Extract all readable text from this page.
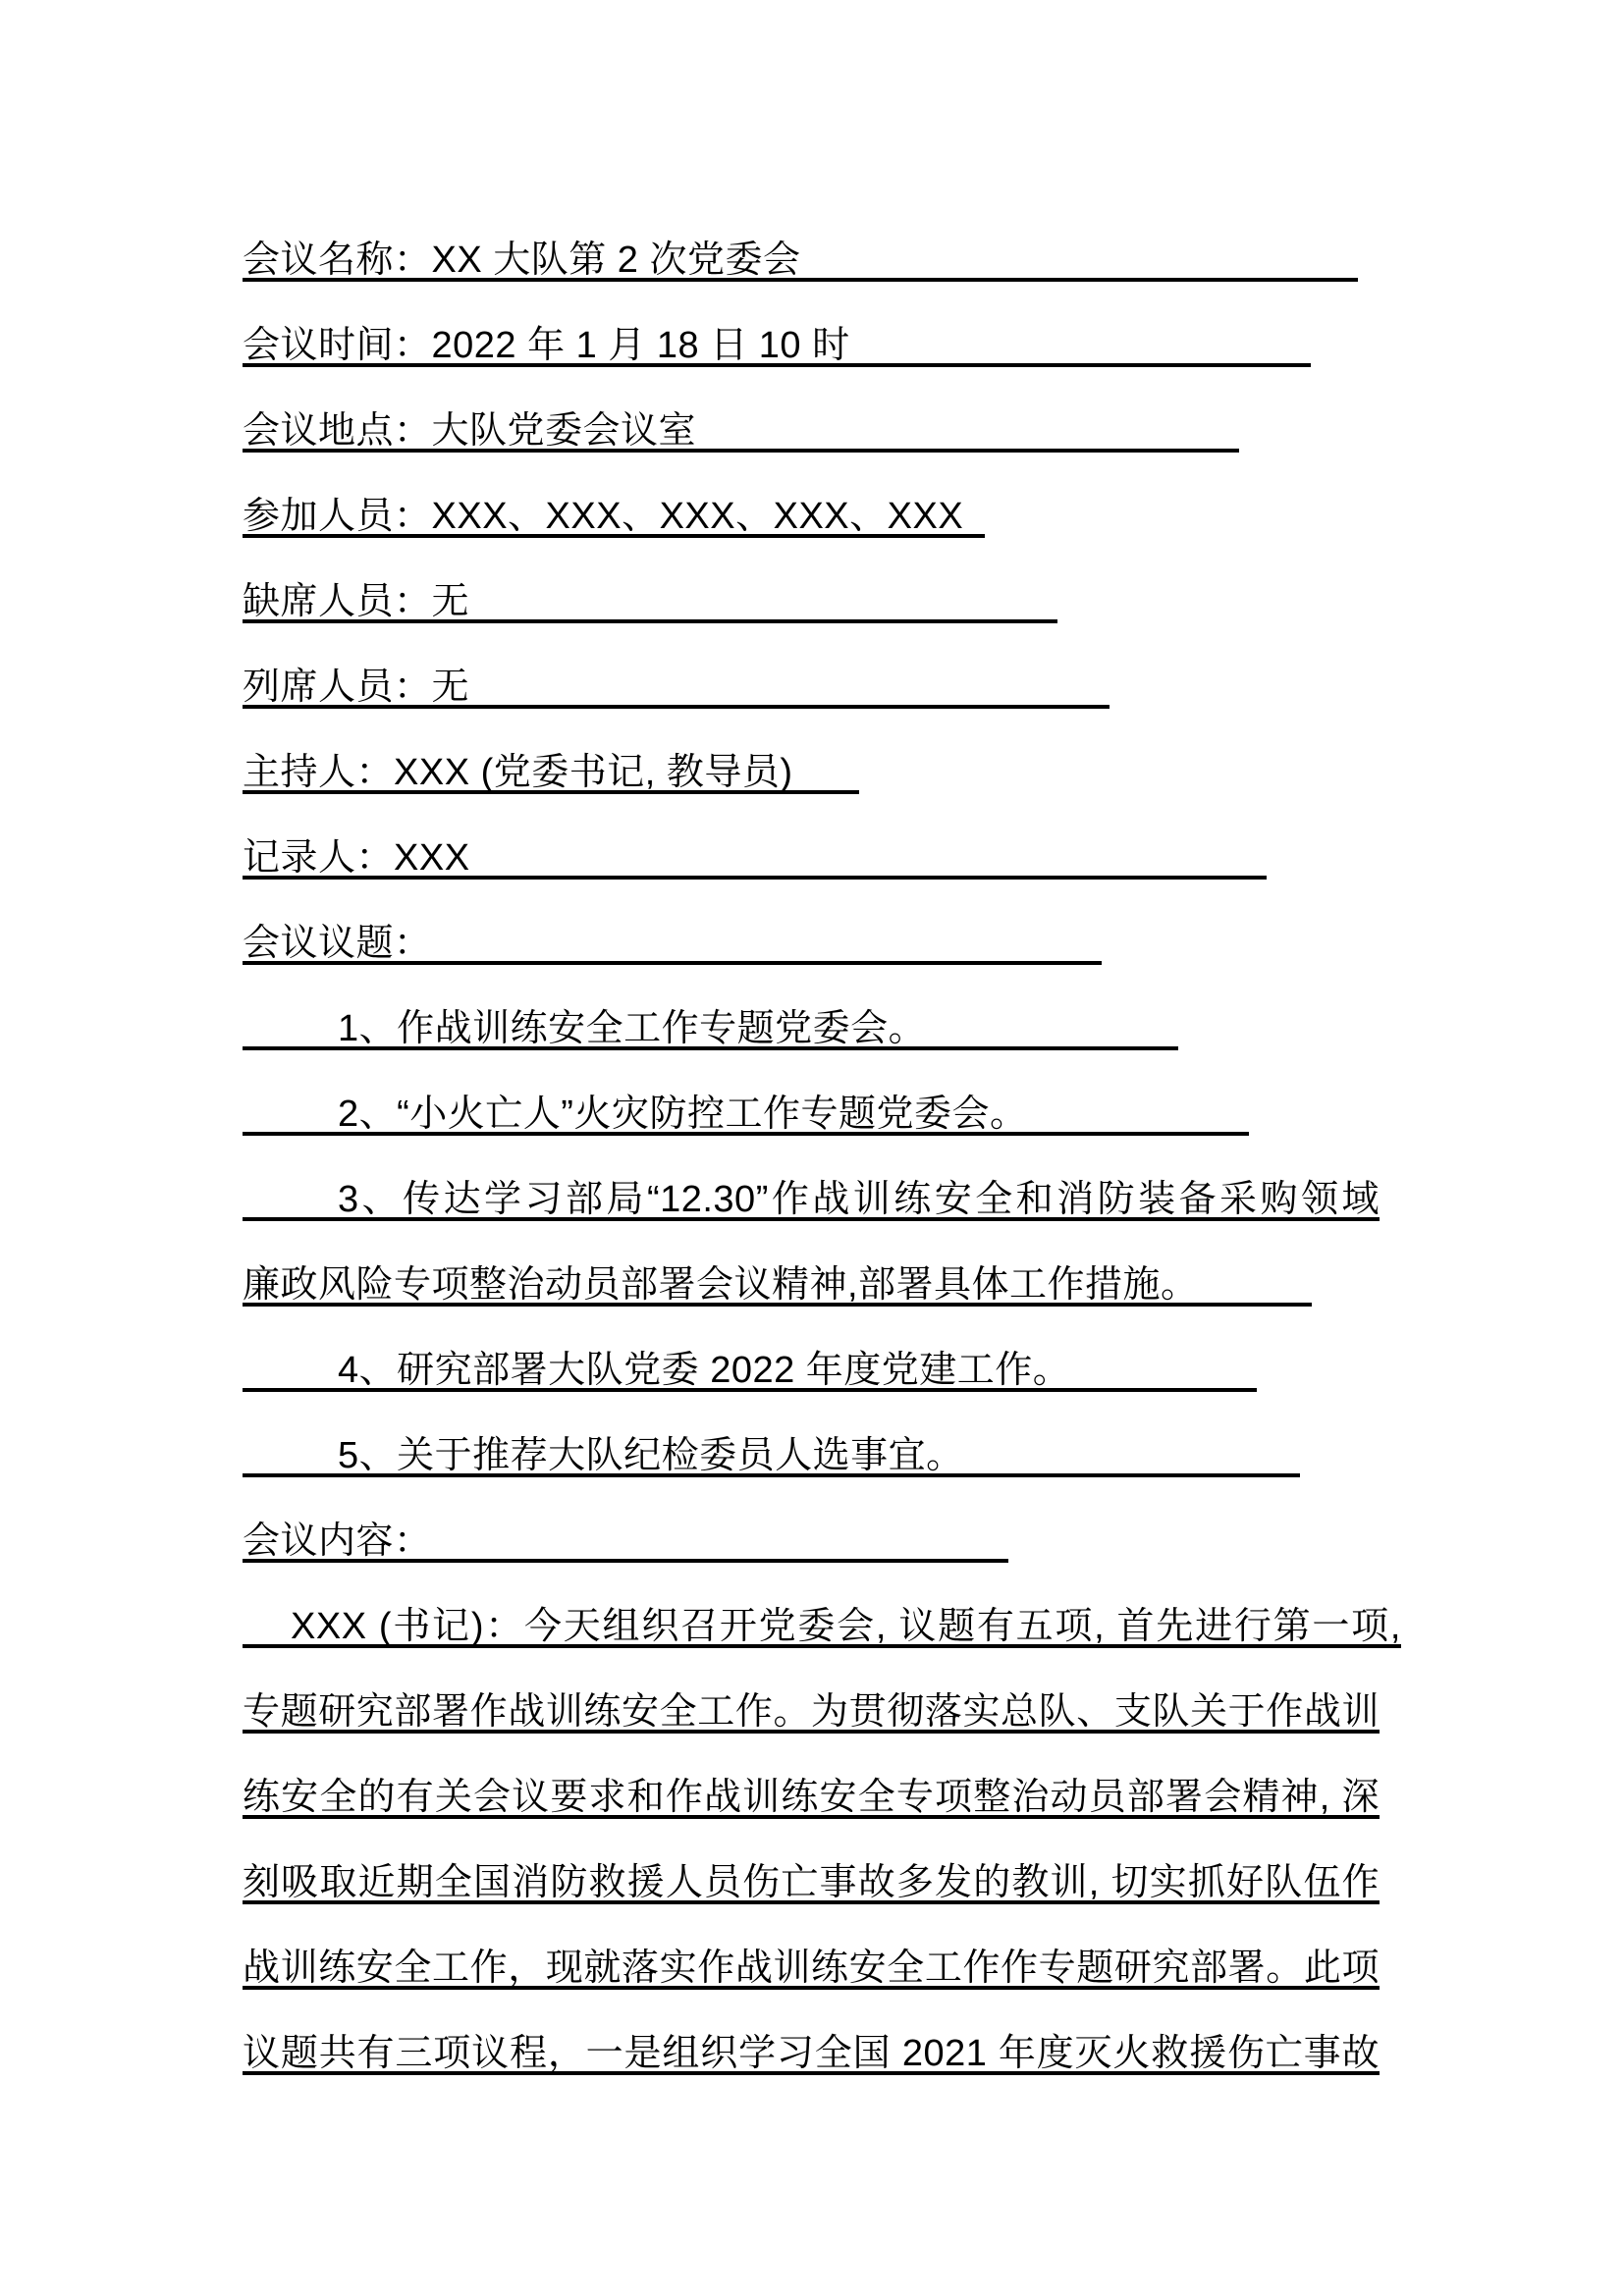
会议名称：XX 大队第 2 次党委会
会议时间：2022 年 1 月 18 日 10 时
会议地点：大队党委会议室
参加人员：XXX、XXX、XXX、XXX、XXX
缺席人员：无
列席人员：无
主持人：XXX (党委书记, 教导员)
记录人：XXX
会议议题：
1、作战训练安全工作专题党委会。
2、“小火亡人”火灾防控工作专题党委会。
3、传达学习部局“12.30”作战训练安全和消防装备采购领域
廉政风险专项整治动员部署会议精神,部署具体工作措施。
4、研究部署大队党委 2022 年度党建工作。
5、关于推荐大队纪检委员人选事宜。
会议内容：
XXX (书记)：今天组织召开党委会, 议题有五项, 首先进行第一项,
专题研究部署作战训练安全工作。为贯彻落实总队、支队关于作战训
练安全的有关会议要求和作战训练安全专项整治动员部署会精神, 深
刻吸取近期全国消防救援人员伤亡事故多发的教训, 切实抓好队伍作
战训练安全工作，现就落实作战训练安全工作作专题研究部署。此项
议题共有三项议程，一是组织学习全国 2021 年度灭火救援伤亡事故
